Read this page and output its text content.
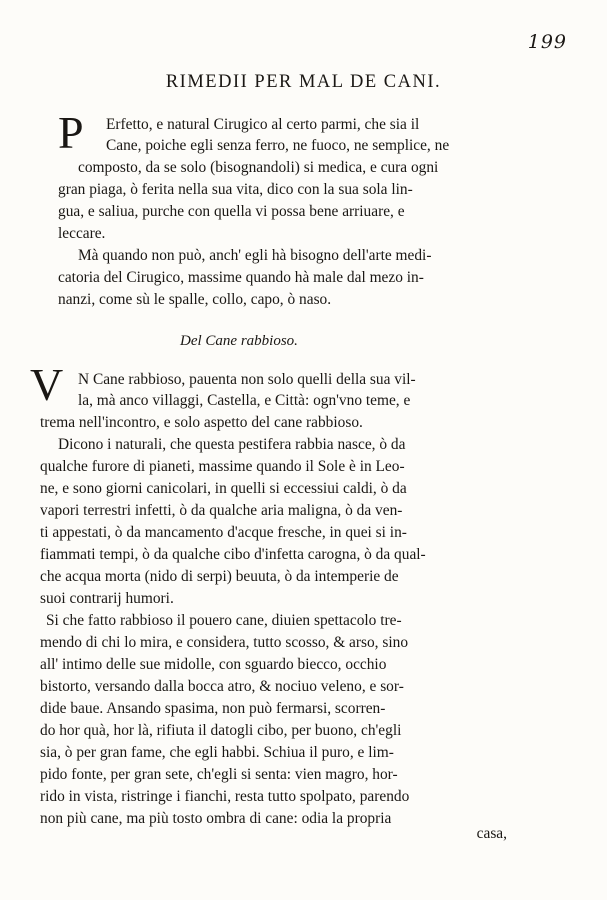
199
RIMEDII PER MAL DE CANI.
P Erfetto, e natural Cirugico al certo parmi, che sia il
Cane, poiche egli senza ferro, ne fuoco, ne semplice, ne
composto, da se solo (bisognandoli) si medica, e cura ogni
gran piaga, ò ferita nella sua vita, dico con la sua sola lin-
gua, e saliua, purche con quella vi possa bene arriuare, e
leccare.
Mà quando non può, anch' egli hà bisogno dell'arte medi-
catoria del Cirugico, massime quando hà male dal mezo in-
nanzi, come sù le spalle, collo, capo, ò naso.
Del Cane rabbioso.
V N Cane rabbioso, pauenta non solo quelli della sua vil-
la, mà anco villaggi, Castella, e Città: ogn'vno teme, e
trema nell'incontro, e solo aspetto del cane rabbioso.
Dicono i naturali, che questa pestifera rabbia nasce, ò da
qualche furore di pianeti, massime quando il Sole è in Leo-
ne, e sono giorni canicolari, in quelli si eccessiui caldi, ò da
vapori terrestri infetti, ò da qualche aria maligna, ò da ven-
ti appestati, ò da mancamento d'acque fresche, in quei si in-
fiammati tempi, ò da qualche cibo d'infetta carogna, ò da qual-
che acqua morta (nido di serpi) beuuta, ò da intemperie de
suoi contrarij humori.
Si che fatto rabbioso il pouero cane, diuien spettacolo tre-
mendo di chi lo mira, e considera, tutto scosso, & arso, sino
all' intimo delle sue midolle, con sguardo biecco, occhio
bistorto, versando dalla bocca atro, & nociuo veleno, e sor-
dide baue. Ansando spasima, non può fermarsi, scorren-
do hor quà, hor là, rifiuta il datogli cibo, per buono, ch'egli
sia, ò per gran fame, che egli habbi. Schiua il puro, e lim-
pido fonte, per gran sete, ch'egli si senta: vien magro, hor-
rido in vista, ristringe i fianchi, resta tutto spolpato, parendo
non più cane, ma più tosto ombra di cane: odia la propria
casa,
